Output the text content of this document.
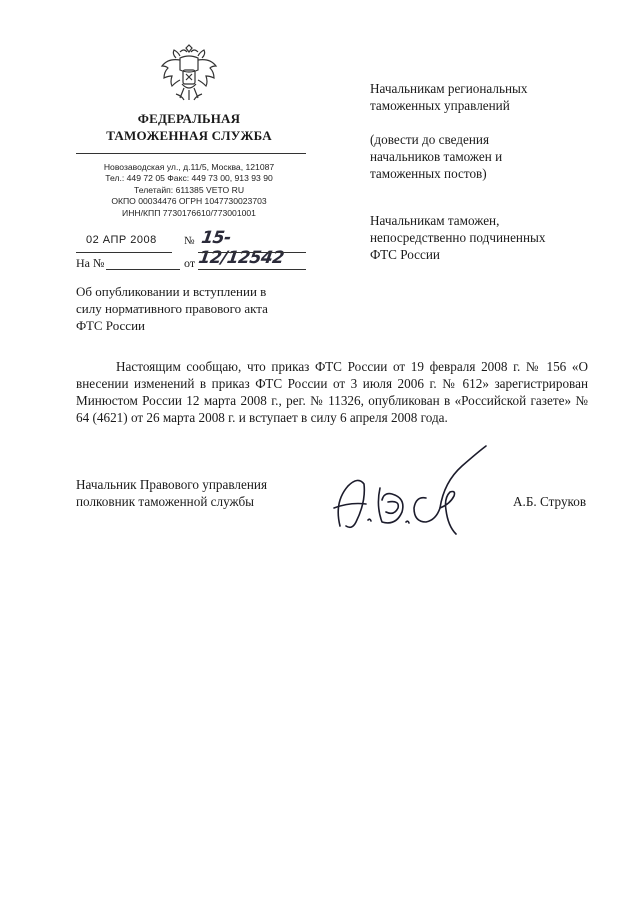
ФЕДЕРАЛЬНАЯ
ТАМОЖЕННАЯ СЛУЖБА
Новозаводская ул., д.11/5, Москва, 121087
Тел.: 449 72 05 Факс: 449 73 00, 913 93 90
Телетайп: 611385 VETO RU
ОКПО 00034476 ОГРН 1047730023703
ИНН/КПП 7730176610/773001001
02 АПР 2008 № 15-12/12542
На №	от
Об опубликовании и вступлении в
силу нормативного правового акта
ФТС России
Начальникам региональных
таможенных управлений
(довести до сведения
начальников таможен и
таможенных постов)
Начальникам таможен,
непосредственно подчиненных
ФТС России

Настоящим сообщаю, что приказ ФТС России от 19 февраля 2008 г. № 156 «О внесении изменений в приказ ФТС России от 3 июля 2006 г. № 612» зарегистрирован Минюстом России 12 марта 2008 г., рег. № 11326, опубликован в «Российской газете» № 64 (4621) от 26 марта 2008 г. и вступает в силу 6 апреля 2008 года.

Начальник Правового управления
полковник таможенной службы	А.Б. Струков
